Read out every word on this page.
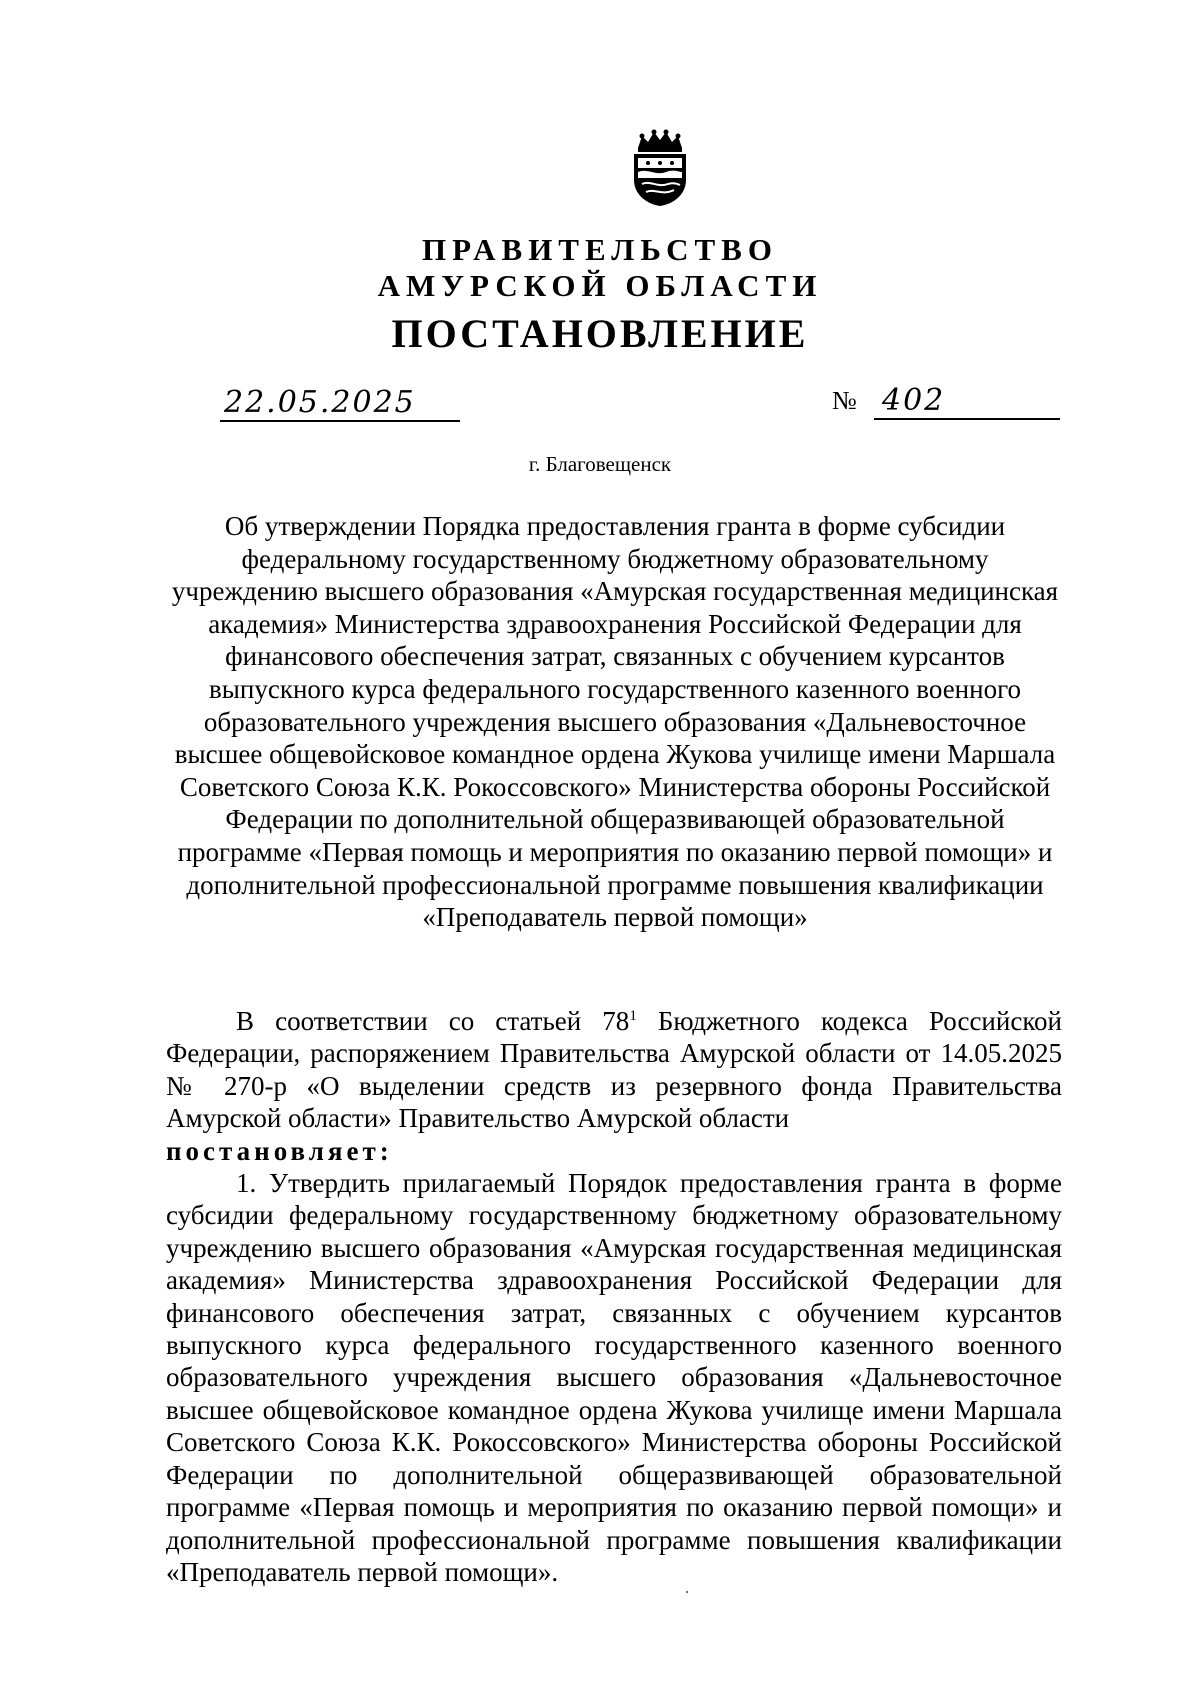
ПРАВИТЕЛЬСТВО
АМУРСКОЙ ОБЛАСТИ
ПОСТАНОВЛЕНИЕ
22.05.2025	№ 402
г. Благовещенск
Об утверждении Порядка предоставления гранта в форме субсидии федеральному государственному бюджетному образовательному учреждению высшего образования «Амурская государственная медицинская академия» Министерства здравоохранения Российской Федерации для финансового обеспечения затрат, связанных с обучением курсантов выпускного курса федерального государственного казенного военного образовательного учреждения высшего образования «Дальневосточное высшее общевойсковое командное ордена Жукова училище имени Маршала Советского Союза К.К. Рокоссовского» Министерства обороны Российской Федерации по дополнительной общеразвивающей образовательной программе «Первая помощь и мероприятия по оказанию первой помощи» и дополнительной профессиональной программе повышения квалификации «Преподаватель первой помощи»

В соответствии со статьей $78^1$ Бюджетного кодекса Российской Федерации, распоряжением Правительства Амурской области от 14.05.2025 № 270-р «О выделении средств из резервного фонда Правительства Амурской области» Правительство Амурской области

постановляет:

1. Утвердить прилагаемый Порядок предоставления гранта в форме субсидии федеральному государственному бюджетному образовательному учреждению высшего образования «Амурская государственная медицинская академия» Министерства здравоохранения Российской Федерации для финансового обеспечения затрат, связанных с обучением курсантов выпускного курса федерального государственного казенного военного образовательного учреждения высшего образования «Дальневосточное высшее общевойсковое командное ордена Жукова училище имени Маршала Советского Союза К.К. Рокоссовского» Министерства обороны Российской Федерации по дополнительной общеразвивающей образовательной программе «Первая помощь и мероприятия по оказанию первой помощи» и дополнительной профессиональной программе повышения квалификации «Преподаватель первой помощи».
